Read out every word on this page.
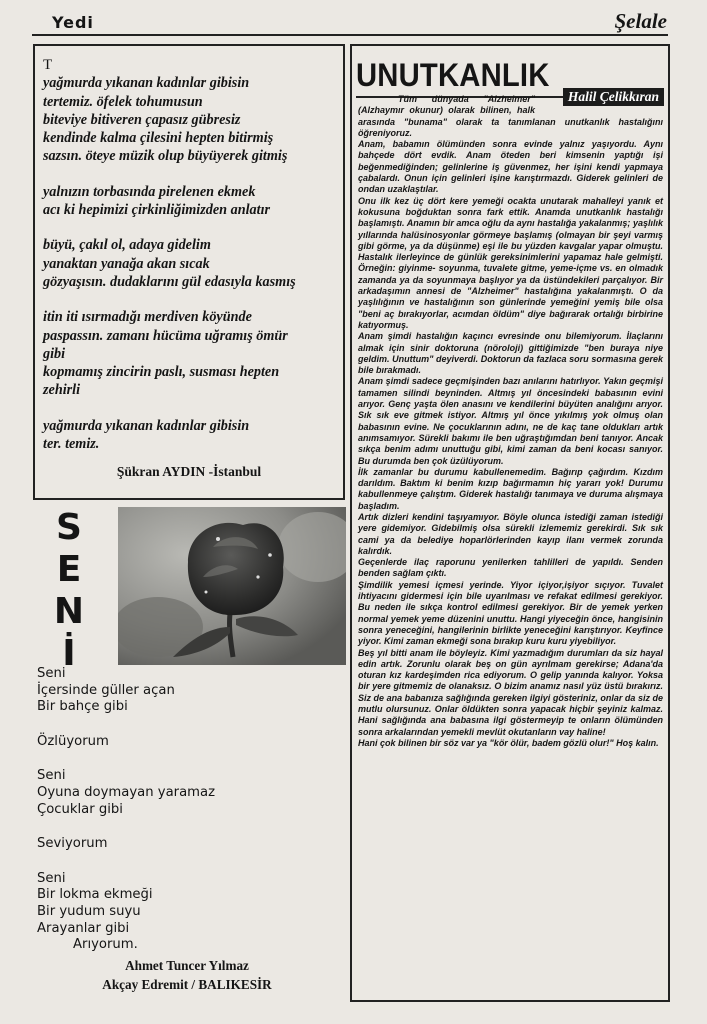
Yedi	Şelale
T
yağmurda yıkanan kadınlar gibisin
tertemiz. öfelek tohumusun
biteviye bitiveren çapasız gübresiz
kendinde kalma çilesini hepten bitirmiş
sazsın. öteye müzik olup büyüyerek gitmiş
yalnızın torbasında pirelenen ekmek
acı ki hepimizi çirkinliğimizden anlatır
büyü, çakıl ol, adaya gidelim
yanaktan yanağa akan sıcak
gözyaşısın. dudaklarını gül edasıyla kasmış
itin iti ısırmadığı merdiven köyünde
paspassın. zamanı hücüma uğramış ömür
gibi
kopmamış zincirin paslı, susması hepten
zehirli
yağmurda yıkanan kadınlar gibisin
ter. temiz.
Şükran AYDIN -İstanbul
UNUTKANLIK
Halil Çelikkıran

Tüm dünyada "Alzheimer" (Alzhaymır okunur) olarak bilinen, halk arasında "bunama" olarak ta tanımlanan unutkanlık hastalığını öğreniyoruz.

Anam, babamın ölümünden sonra evinde yalnız yaşıyordu. Aynı bahçede dört evdik. Anam öteden beri kimsenin yaptığı işi beğenmediğinden; gelinlerine iş güvenmez, her işini kendi yapmaya çabalardı. Onun için gelinleri işine karıştırmazdı. Giderek gelinleri de ondan uzaklaştılar.

Onu ilk kez üç dört kere yemeği ocakta unutarak mahalleyi yanık et kokusuna boğduktan sonra fark ettik. Anamda unutkanlık hastalığı başlamıştı. Anamın bir amca oğlu da aynı hastalığa yakalanmış; yaşlılık yıllarında halüsinosyonlar görmeye başlamış (olmayan bir şeyi varmış gibi görme, ya da düşünme) eşi ile bu yüzden kavgalar yapar olmuştu. Hastalık ilerleyince de günlük gereksinimlerini yapamaz hale gelmişti. Örneğin: giyinme- soyunma, tuvalete gitme, yeme-içme vs. en olmadık zamanda ya da soyunmaya başlıyor ya da üstündekileri parçalıyor. Bir arkadaşımın annesi de "Alzheimer" hastalığına yakalanmıştı. O da yaşlılığının ve hastalığının son günlerinde yemeğini yemiş bile olsa "beni aç bırakıyorlar, acımdan öldüm" diye bağırarak ortalığı birbirine katıyormuş.

Anam şimdi hastalığın kaçıncı evresinde onu bilemiyorum. İlaçlarını almak için sinir doktoruna (nöroloji) gittiğimizde "ben buraya niye geldim. Unuttum" deyiverdi. Doktorun da fazlaca soru sormasına gerek bile bırakmadı.

Anam şimdi sadece geçmişinden bazı anılarını hatırlıyor. Yakın geçmişi tamamen silindi beyninden. Altmış yıl öncesindeki babasının evini arıyor. Genç yaşta ölen anasını ve kendilerini büyüten analığını arıyor. Sık sık eve gitmek istiyor. Altmış yıl önce yıkılmış yok olmuş olan babasının evine. Ne çocuklarının adını, ne de kaç tane oldukları artık anımsamıyor. Sürekli bakımı ile ben uğraştığımdan beni tanıyor. Ancak sıkça benim adımı unuttuğu gibi, kimi zaman da beni kocası sanıyor. Bu durumda ben çok üzülüyorum.

İlk zamanlar bu durumu kabullenemedim. Bağırıp çağırdım. Kızdım darıldım. Baktım ki benim kızıp bağırmamın hiç yararı yok! Durumu kabullenmeye çalıştım. Giderek hastalığı tanımaya ve duruma alışmaya başladım.

Artık dizleri kendini taşıyamıyor. Böyle olunca istediği zaman istediği yere gidemiyor. Gidebilmiş olsa sürekli izlememiz gerekirdi. Sık sık cami ya da belediye hoparlörlerinden kayıp ilanı vermek zorunda kalırdık.

Geçenlerde ilaç raporunu yenilerken tahlilleri de yapıldı. Senden benden sağlam çıktı.

Şimdilik yemesi içmesi yerinde. Yiyor içiyor,işiyor sıçıyor. Tuvalet ihtiyacını gidermesi için bile uyarılması ve refakat edilmesi gerekiyor. Bu neden ile sıkça kontrol edilmesi gerekiyor. Bir de yemek yerken normal yemek yeme düzenini unuttu. Hangi yiyeceğin önce, hangisinin sonra yeneceğini, hangilerinin birlikte yeneceğini karıştırıyor. Keyfince yiyor. Kimi zaman ekmeği sona bırakıp kuru kuru yiyebiliyor.

Beş yıl bitti anam ile böyleyiz. Kimi yazmadığım durumları da siz hayal edin artık. Zorunlu olarak beş on gün ayrılmam gerekirse; Adana'da oturan kız kardeşimden rica ediyorum. O gelip yanında kalıyor. Yoksa bir yere gitmemiz de olanaksız. O bizim anamız nasıl yüz üstü bırakırız. Siz de ana babanıza sağlığında gereken ilgiyi gösteriniz, onlar da siz de mutlu olursunuz. Onlar öldükten sonra yapacak hiçbir şeyiniz kalmaz. Hani sağlığında ana babasına ilgi göstermeyip te onların ölümünden sonra arkalarından yemekli mevlüt okutanların vay haline!

Hani çok bilinen bir söz var ya "kör ölür, badem gözlü olur!" Hoş kalın.

S
E
N
İ
Seni
İçersinde güller açan
Bir bahçe gibi
Özlüyorum
Seni
Oyuna doymayan yaramaz
Çocuklar gibi
Seviyorum
Seni
Bir lokma ekmeği
Bir yudum suyu
Arayanlar gibi
Arıyorum.
Ahmet Tuncer Yılmaz
Akçay Edremit / BALIKESİR
